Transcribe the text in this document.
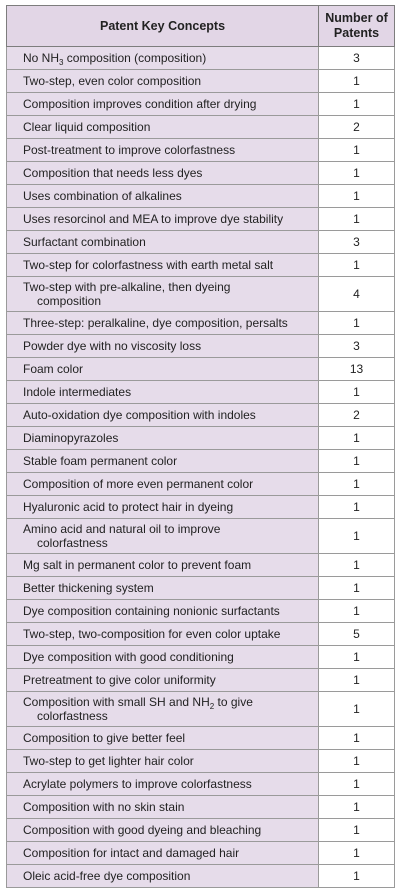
Patent Key Concepts	Number of
Patents
No $NH_3$ composition (composition)	3
Two-step, even color composition	1
Composition improves condition after drying	1
Clear liquid composition	2
Post-treatment to improve colorfastness	1
Composition that needs less dyes	1
Uses combination of alkalines	1
Uses resorcinol and MEA to improve dye stability	1
Surfactant combination	3
Two-step for colorfastness with earth metal salt	1
Two-step with pre-alkaline, then dyeing
composition	4
Three-step: peralkaline, dye composition, persalts	1
Powder dye with no viscosity loss	3
Foam color	13
Indole intermediates	1
Auto-oxidation dye composition with indoles	2
Diaminopyrazoles	1
Stable foam permanent color	1
Composition of more even permanent color	1
Hyaluronic acid to protect hair in dyeing	1
Amino acid and natural oil to improve
colorfastness	1
Mg salt in permanent color to prevent foam	1
Better thickening system	1
Dye composition containing nonionic surfactants	1
Two-step, two-composition for even color uptake	5
Dye composition with good conditioning	1
Pretreatment to give color uniformity	1
Composition with small SH and $NH_2$ to give
colorfastness	1
Composition to give better feel	1
Two-step to get lighter hair color	1
Acrylate polymers to improve colorfastness	1
Composition with no skin stain	1
Composition with good dyeing and bleaching	1
Composition for intact and damaged hair	1
Oleic acid-free dye composition	1
